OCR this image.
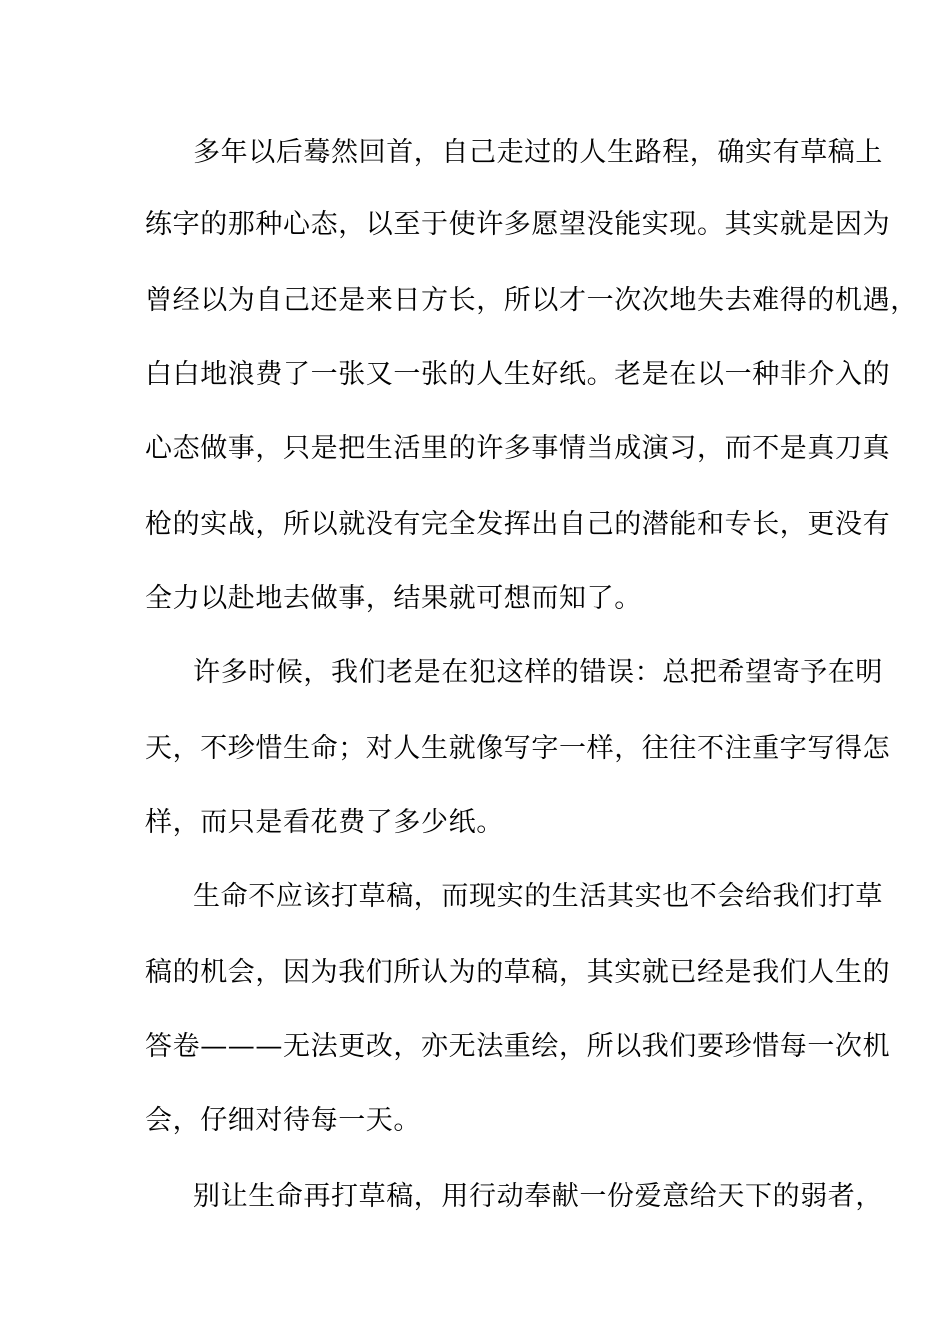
多年以后蓦然回首，自己走过的人生路程，确实有草稿上
练字的那种心态，以至于使许多愿望没能实现。其实就是因为
曾经以为自己还是来日方长，所以才一次次地失去难得的机遇，
白白地浪费了一张又一张的人生好纸。老是在以一种非介入的
心态做事，只是把生活里的许多事情当成演习，而不是真刀真
枪的实战，所以就没有完全发挥出自己的潜能和专长，更没有
全力以赴地去做事，结果就可想而知了。
许多时候，我们老是在犯这样的错误：总把希望寄予在明
天，不珍惜生命；对人生就像写字一样，往往不注重字写得怎
样，而只是看花费了多少纸。
生命不应该打草稿，而现实的生活其实也不会给我们打草
稿的机会，因为我们所认为的草稿，其实就已经是我们人生的
答卷———无法更改，亦无法重绘，所以我们要珍惜每一次机
会，仔细对待每一天。
别让生命再打草稿，用行动奉献一份爱意给天下的弱者，
